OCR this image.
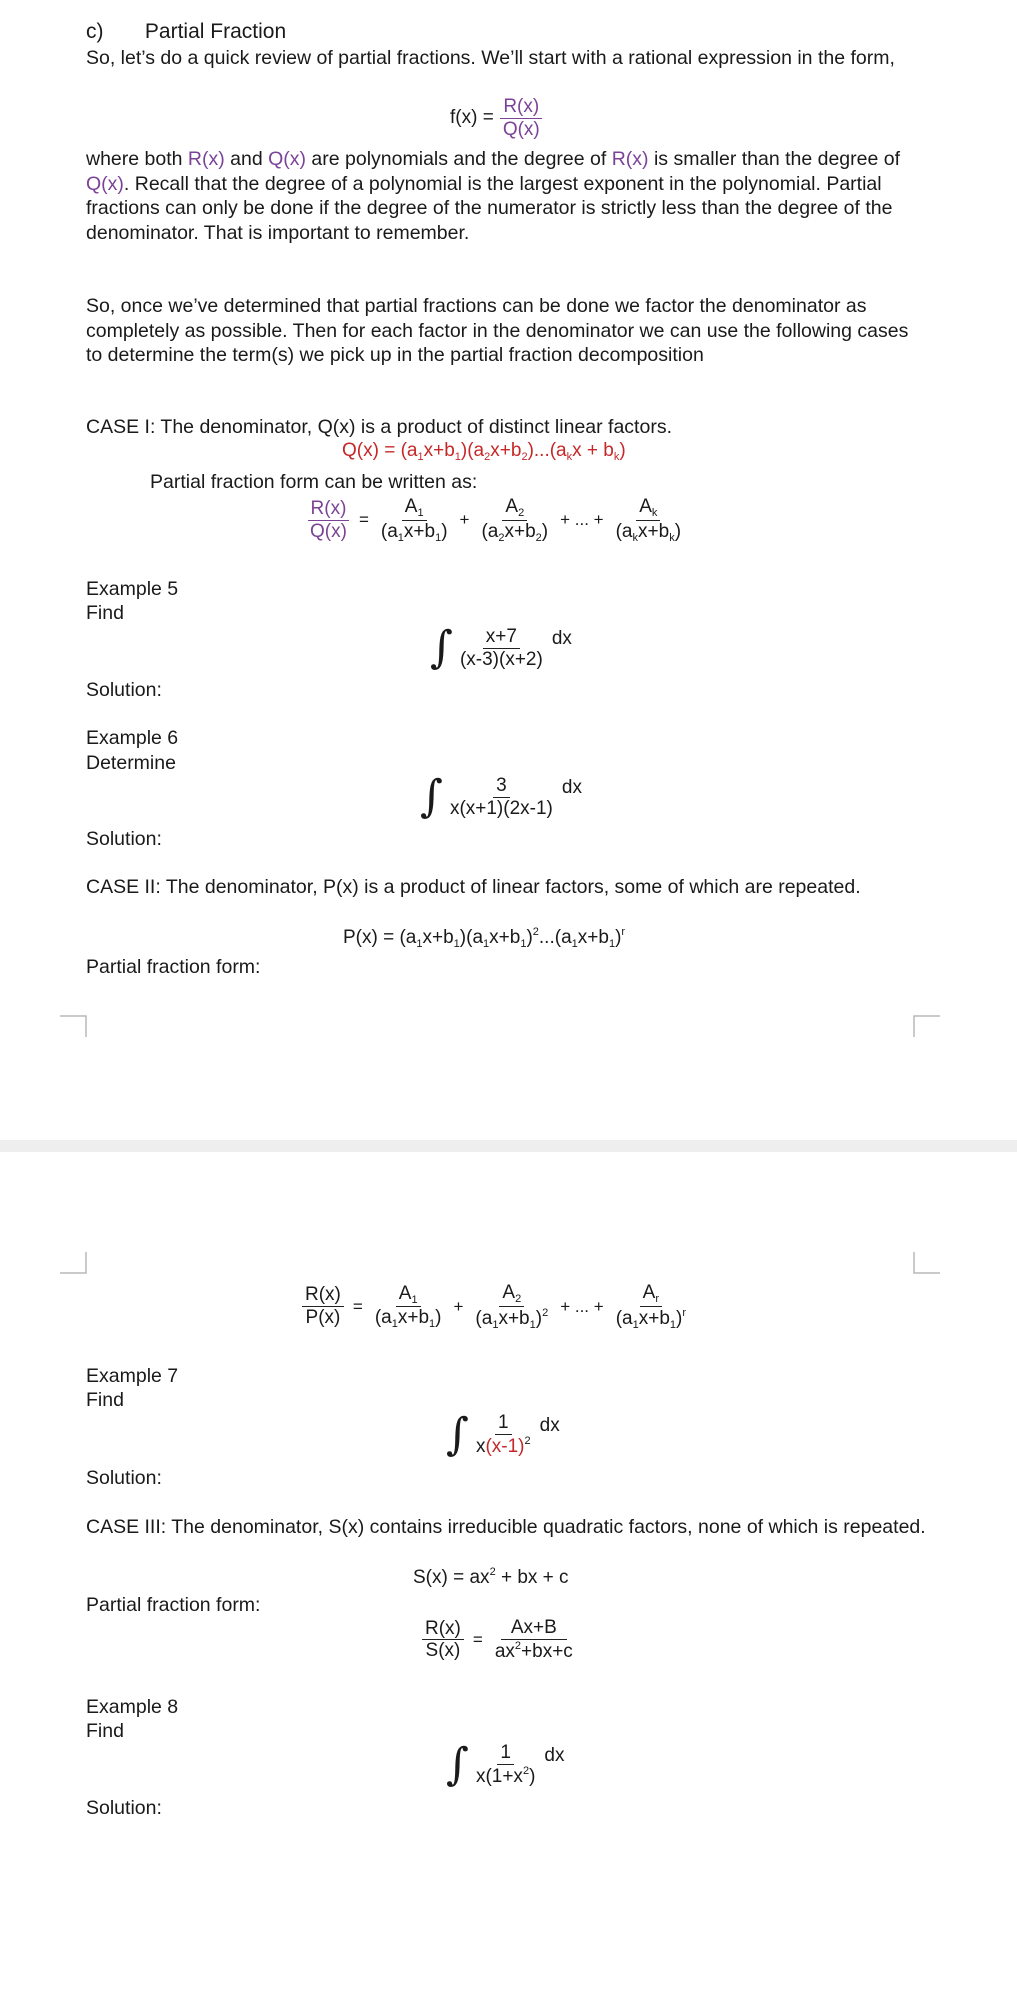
c) Partial Fraction
So, let’s do a quick review of partial fractions. We’ll start with a rational expression in the form,
$f(x) = \frac{R(x)}{Q(x)}$
where both R(x) and Q(x) are polynomials and the degree of R(x) is smaller than the degree of
Q(x). Recall that the degree of a polynomial is the largest exponent in the polynomial. Partial fractions can only be done if the degree of the numerator is strictly less than the degree of the denominator. That is important to remember.
So, once we’ve determined that partial fractions can be done we factor the denominator as completely as possible. Then for each factor in the denominator we can use the following cases to determine the term(s) we pick up in the partial fraction decomposition
CASE I: The denominator, Q(x) is a product of distinct linear factors.
$Q(x) = (a_1x+b_1)(a_2x+b_2)...(a_kx + b_k)$
Partial fraction form can be written as:
$\frac{R(x)}{Q(x)} = \frac{A_1}{(a_1x+b_1)} + \frac{A_2}{(a_2x+b_2)}$ + ... + $\frac{A_k}{(a_kx+b_k)}$
Example 5
Find
∫ $\frac{x+7}{(x-3)(x+2)}$ dx
Solution:
Example 6
Determine
∫ $\frac{3}{x(x+1)(2x-1)}$ dx
Solution:
CASE II: The denominator, P(x) is a product of linear factors, some of which are repeated.
$P(x) = (a_1x+b_1)(a_1x+b_1)^2...(a_1x+b_1)^r$
Partial fraction form:
$\frac{R(x)}{P(x)} = \frac{A_1}{(a_1x+b_1)} + \frac{A_2}{(a_1x+b_1)^2}$ + ... + $\frac{A_r}{(a_1x+b_1)^r}$
Example 7
Find
∫ $\frac{1}{x(x-1)^2}$ dx
Solution:
CASE III: The denominator, S(x) contains irreducible quadratic factors, none of which is repeated.
$S(x) = ax^2$ + bx + c
Partial fraction form:
$\frac{R(x)}{S(x)} = \frac{Ax+B}{ax^2+bx+c}$
Example 8
Find
∫ $\frac{1}{x(1+x^2)}$ dx
Solution:
